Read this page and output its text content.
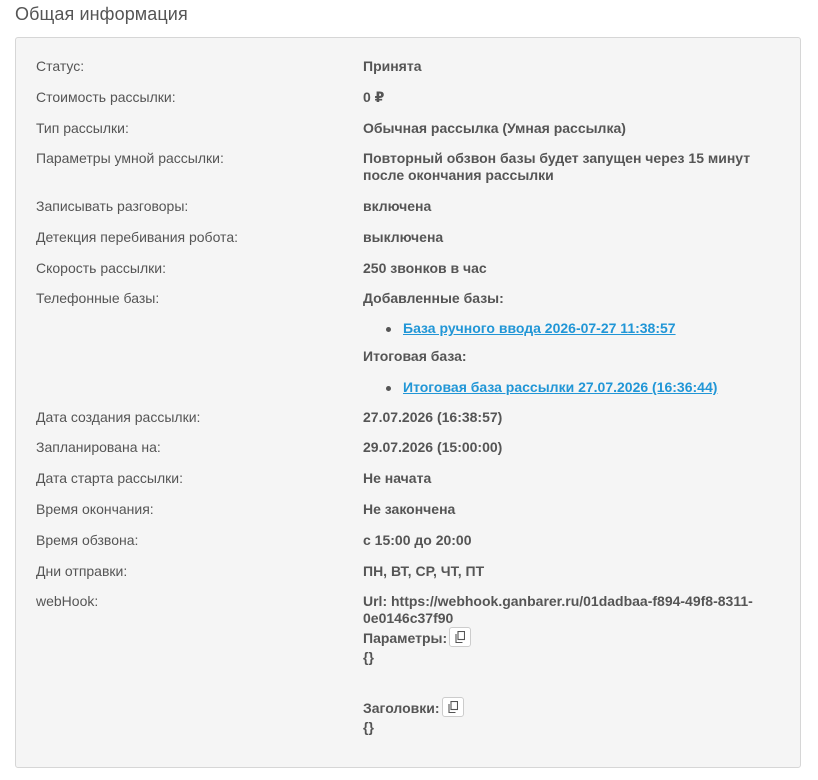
Общая информация
Статус:	Принята
Стоимость рассылки:	0 ₽
Тип рассылки:	Обычная рассылка (Умная рассылка)
Параметры умной рассылки:	Повторный обзвон базы будет запущен через 15 минут после окончания рассылки
Записывать разговоры:	включена
Детекция перебивания робота:	выключена
Скорость рассылки:	250 звонков в час
Телефонные базы:	Добавленные базы:
База ручного ввода 2026-07-27 11:38:57
Итоговая база:
Итоговая база рассылки 27.07.2026 (16:36:44)
Дата создания рассылки:	27.07.2026 (16:38:57)
Запланирована на:	29.07.2026 (15:00:00)
Дата старта рассылки:	Не начата
Время окончания:	Не закончена
Время обзвона:	с 15:00 до 20:00
Дни отправки:	ПН, ВТ, СР, ЧТ, ПТ
webHook:	Url: https://webhook.ganbarer.ru/01dadbaa-f894-49f8-8311-
0e0146c37f90
Параметры:
{}
Заголовки:
{}
